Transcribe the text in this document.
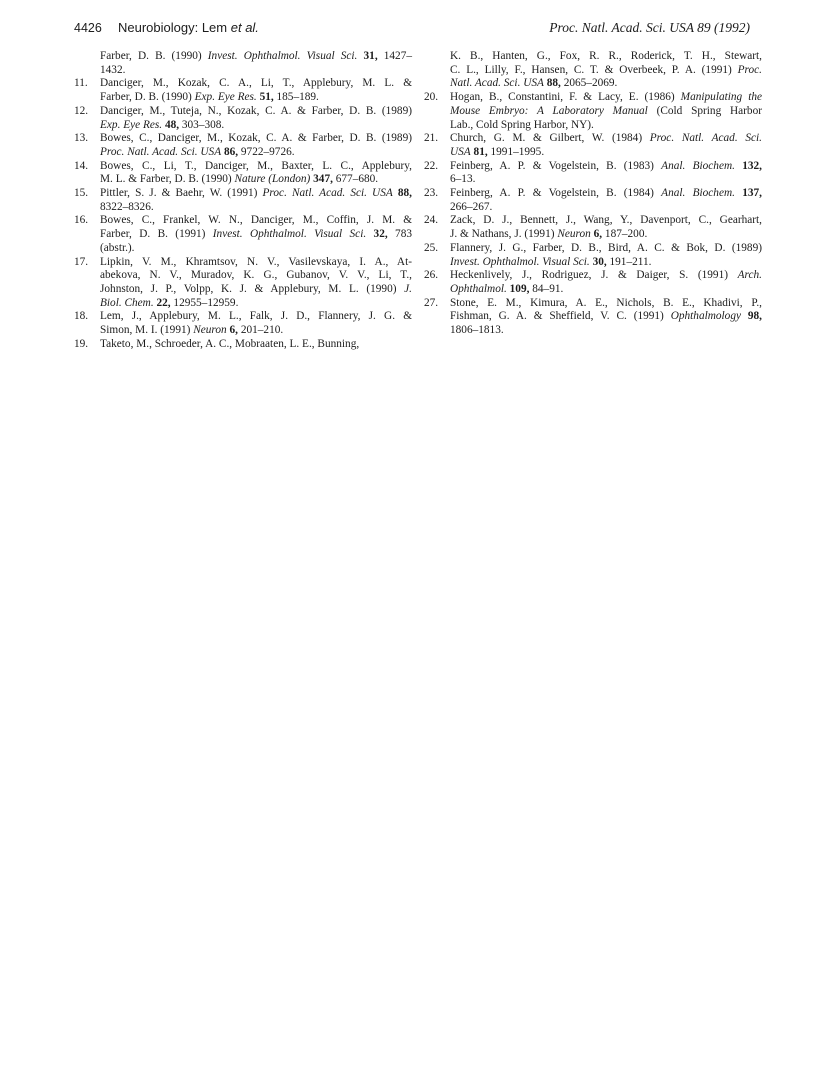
4426	Neurobiology: Lem et al.	Proc. Natl. Acad. Sci. USA 89 (1992)
Farber, D. B. (1990) Invest. Ophthalmol. Visual Sci. 31, 1427–
1432.
11.	Danciger, M., Kozak, C. A., Li, T., Applebury, M. L. &
Farber, D. B. (1990) Exp. Eye Res. 51, 185–189.
12.	Danciger, M., Tuteja, N., Kozak, C. A. & Farber, D. B. (1989)
Exp. Eye Res. 48, 303–308.
13.	Bowes, C., Danciger, M., Kozak, C. A. & Farber, D. B. (1989)
Proc. Natl. Acad. Sci. USA 86, 9722–9726.
14.	Bowes, C., Li, T., Danciger, M., Baxter, L. C., Applebury,
M. L. & Farber, D. B. (1990) Nature (London) 347, 677–680.
15.	Pittler, S. J. & Baehr, W. (1991) Proc. Natl. Acad. Sci. USA 88,
8322–8326.
16.	Bowes, C., Frankel, W. N., Danciger, M., Coffin, J. M. &
Farber, D. B. (1991) Invest. Ophthalmol. Visual Sci. 32, 783
(abstr.).
17.	Lipkin, V. M., Khramtsov, N. V., Vasilevskaya, I. A., At-
abekova, N. V., Muradov, K. G., Gubanov, V. V., Li, T.,
Johnston, J. P., Volpp, K. J. & Applebury, M. L. (1990) J.
Biol. Chem. 22, 12955–12959.
18.	Lem, J., Applebury, M. L., Falk, J. D., Flannery, J. G. &
Simon, M. I. (1991) Neuron 6, 201–210.
19.	Taketo, M., Schroeder, A. C., Mobraaten, L. E., Bunning,
K. B., Hanten, G., Fox, R. R., Roderick, T. H., Stewart,
C. L., Lilly, F., Hansen, C. T. & Overbeek, P. A. (1991) Proc.
Natl. Acad. Sci. USA 88, 2065–2069.
20.	Hogan, B., Constantini, F. & Lacy, E. (1986) Manipulating the
Mouse Embryo: A Laboratory Manual (Cold Spring Harbor
Lab., Cold Spring Harbor, NY).
21.	Church, G. M. & Gilbert, W. (1984) Proc. Natl. Acad. Sci.
USA 81, 1991–1995.
22.	Feinberg, A. P. & Vogelstein, B. (1983) Anal. Biochem. 132,
6–13.
23.	Feinberg, A. P. & Vogelstein, B. (1984) Anal. Biochem. 137,
266–267.
24.	Zack, D. J., Bennett, J., Wang, Y., Davenport, C., Gearhart,
J. & Nathans, J. (1991) Neuron 6, 187–200.
25.	Flannery, J. G., Farber, D. B., Bird, A. C. & Bok, D. (1989)
Invest. Ophthalmol. Visual Sci. 30, 191–211.
26.	Heckenlively, J., Rodriguez, J. & Daiger, S. (1991) Arch.
Ophthalmol. 109, 84–91.
27.	Stone, E. M., Kimura, A. E., Nichols, B. E., Khadivi, P.,
Fishman, G. A. & Sheffield, V. C. (1991) Ophthalmology 98,
1806–1813.
